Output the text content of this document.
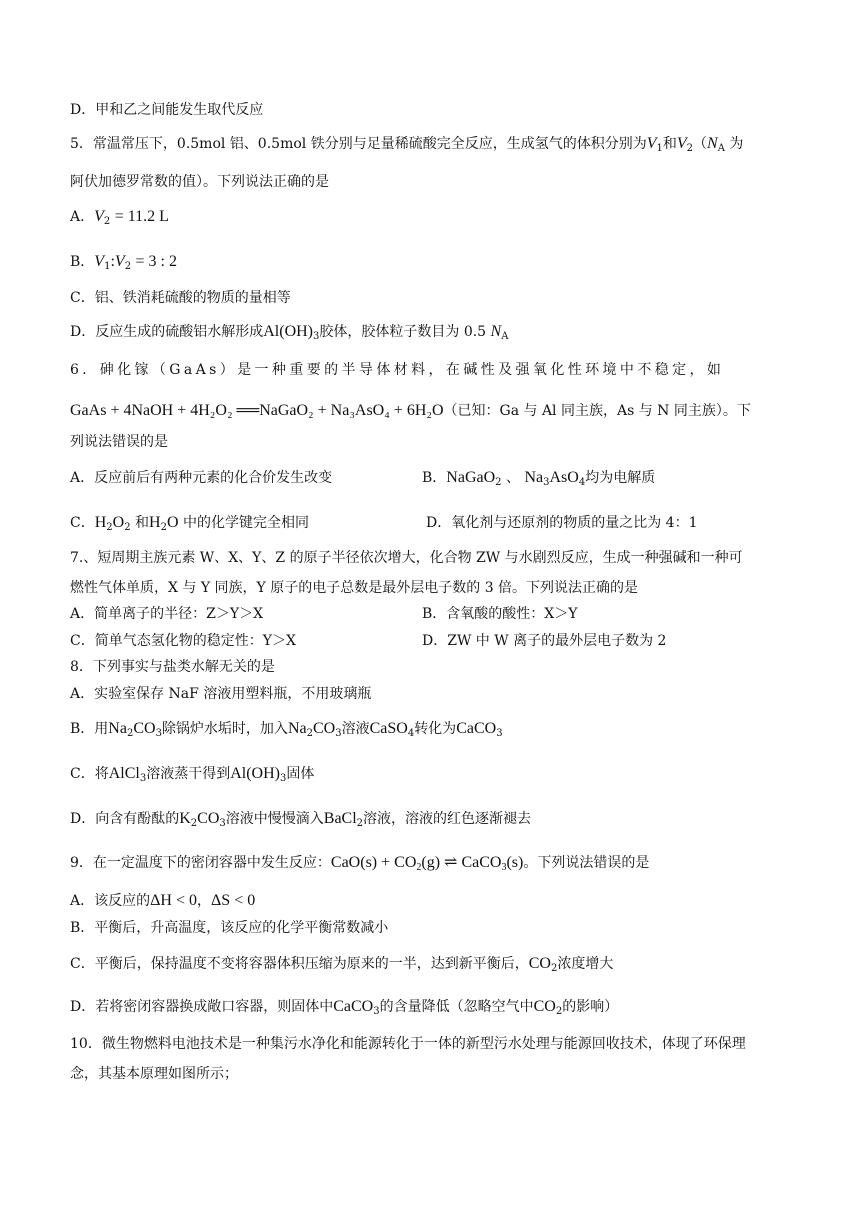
D．甲和乙之间能发生取代反应
5．常温常压下，0.5mol 铝、0.5mol 铁分别与足量稀硫酸完全反应，生成氢气的体积分别为$V_1$和$V_2(N_A$ 为
阿伏加德罗常数的值）。下列说法正确的是
A．$V_2 = 11.2$ L
B．$V_1:V_2 = 3$ : 2
C．铝、铁消耗硫酸的物质的量相等
D．反应生成的硫酸铝水解形成$Al(OH)_3$胶体，胶体粒子数目为 0.5 $N_A$
6．砷化镓（GaAs）是一种重要的半导体材料，在碱性及强氧化性环境中不稳定，如
GaAs + 4NaOH + 4H₂O₂ ══NaGaO₂ + Na₃AsO₄ + 6H₂O（已知：Ga 与 Al 同主族，As 与 N 同主族）。下
列说法错误的是
A．反应前后有两种元素的化合价发生改变	B．NaGaO$_2$ 、 $Na_3AsO_4$均为电解质
C．$H_2O_2$ 和$H_2O$ 中的化学键完全相同	D．氧化剂与还原剂的物质的量之比为 4：1
7.、短周期主族元素 W、X、Y、Z 的原子半径依次增大，化合物 ZW 与水剧烈反应，生成一种强碱和一种可
燃性气体单质，X 与 Y 同族，Y 原子的电子总数是最外层电子数的 3 倍。下列说法正确的是
A．简单离子的半径：Z＞Y＞X	B．含氧酸的酸性：X＞Y
C．简单气态氢化物的稳定性：Y＞X	D．ZW 中 W 离子的最外层电子数为 2
8．下列事实与盐类水解无关的是
A．实验室保存 NaF 溶液用塑料瓶，不用玻璃瓶
B．用$Na_2CO_3$除锅炉水垢时，加入$Na_2CO_3$溶液CaSO$_4$转化为CaCO$_3$
C．将AlCl$_3$溶液蒸干得到$Al(OH)_3$固体
D．向含有酚酞的$K_2CO_3$溶液中慢慢滴入BaCl$_2$溶液，溶液的红色逐渐褪去
9．在一定温度下的密闭容器中发生反应：$CaO(s) + CO_2(g)$ ⇌ CaCO$_3$(s)。下列说法错误的是
A．该反应的ΔH < 0，ΔS < 0
B．平衡后，升高温度，该反应的化学平衡常数减小
C．平衡后，保持温度不变将容器体积压缩为原来的一半，达到新平衡后，$CO_2$浓度增大
D．若将密闭容器换成敞口容器，则固体中CaCO$_3$的含量降低（忽略空气中$CO_2$的影响）
10．微生物燃料电池技术是一种集污水净化和能源转化于一体的新型污水处理与能源回收技术，体现了环保理
念，其基本原理如图所示；
